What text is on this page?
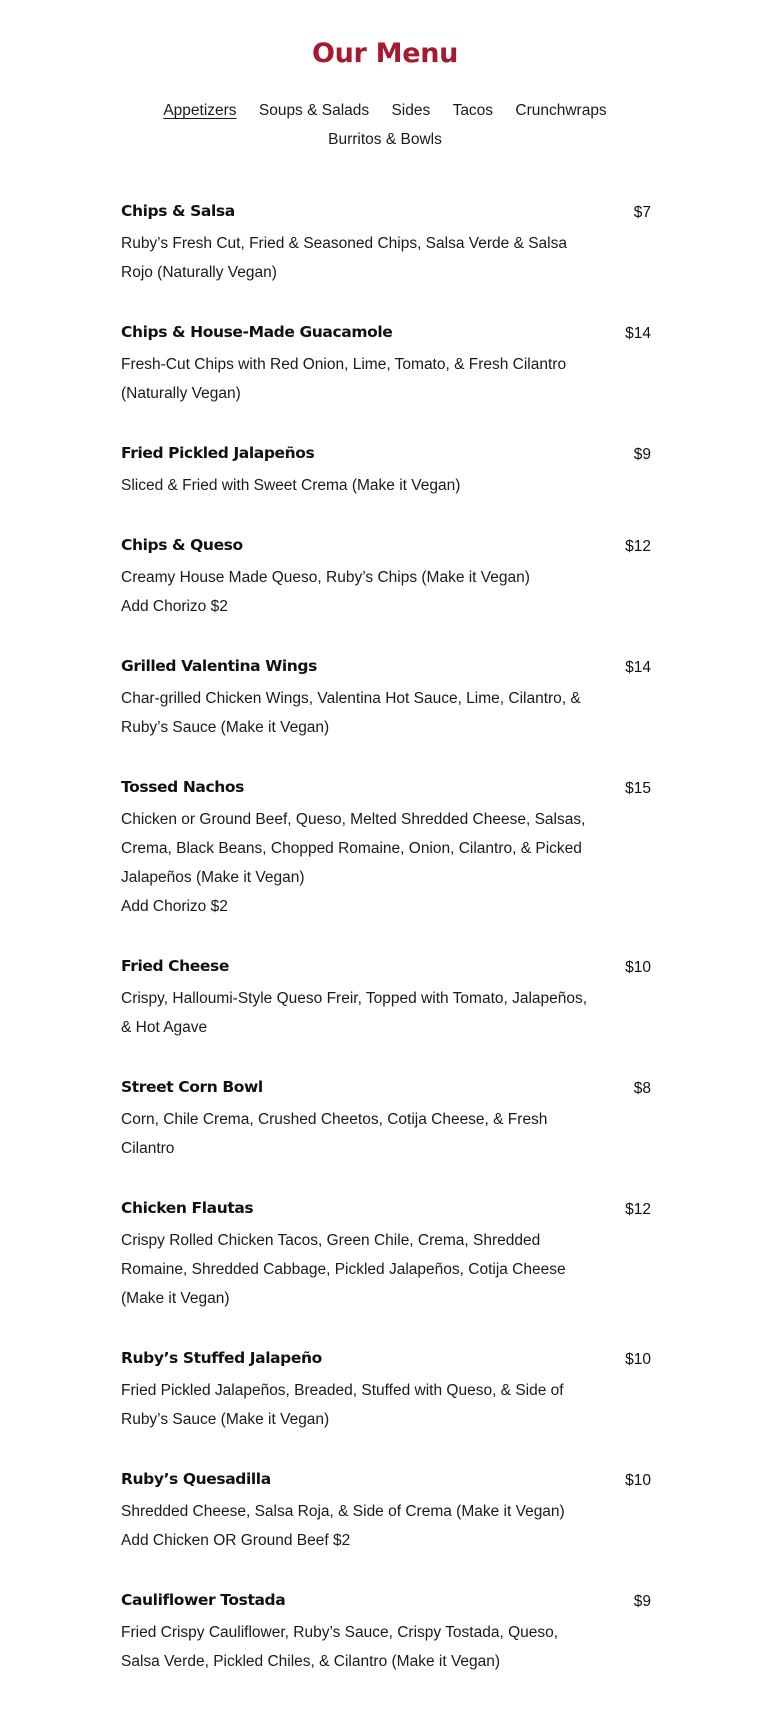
Our Menu
Appetizers Soups & Salads Sides Tacos Crunchwraps
Burritos & Bowls
Chips & Salsa	$7
Ruby’s Fresh Cut, Fried & Seasoned Chips, Salsa Verde & Salsa Rojo (Naturally Vegan)
Chips & House-Made Guacamole	$14
Fresh-Cut Chips with Red Onion, Lime, Tomato, & Fresh Cilantro (Naturally Vegan)
Fried Pickled Jalapeños	$9
Sliced & Fried with Sweet Crema (Make it Vegan)
Chips & Queso	$12
Creamy House Made Queso, Ruby’s Chips (Make it Vegan)
Add Chorizo $2
Grilled Valentina Wings	$14
Char-grilled Chicken Wings, Valentina Hot Sauce, Lime, Cilantro, & Ruby’s Sauce (Make it Vegan)
Tossed Nachos	$15
Chicken or Ground Beef, Queso, Melted Shredded Cheese, Salsas, Crema, Black Beans, Chopped Romaine, Onion, Cilantro, & Picked Jalapeños (Make it Vegan)
Add Chorizo $2
Fried Cheese	$10
Crispy, Halloumi-Style Queso Freir, Topped with Tomato, Jalapeños, & Hot Agave
Street Corn Bowl	$8
Corn, Chile Crema, Crushed Cheetos, Cotija Cheese, & Fresh Cilantro
Chicken Flautas	$12
Crispy Rolled Chicken Tacos, Green Chile, Crema, Shredded Romaine, Shredded Cabbage, Pickled Jalapeños, Cotija Cheese (Make it Vegan)
Ruby’s Stuffed Jalapeño	$10
Fried Pickled Jalapeños, Breaded, Stuffed with Queso, & Side of Ruby’s Sauce (Make it Vegan)
Ruby’s Quesadilla	$10
Shredded Cheese, Salsa Roja, & Side of Crema (Make it Vegan)
Add Chicken OR Ground Beef $2
Cauliflower Tostada	$9
Fried Crispy Cauliflower, Ruby’s Sauce, Crispy Tostada, Queso, Salsa Verde, Pickled Chiles, & Cilantro (Make it Vegan)
